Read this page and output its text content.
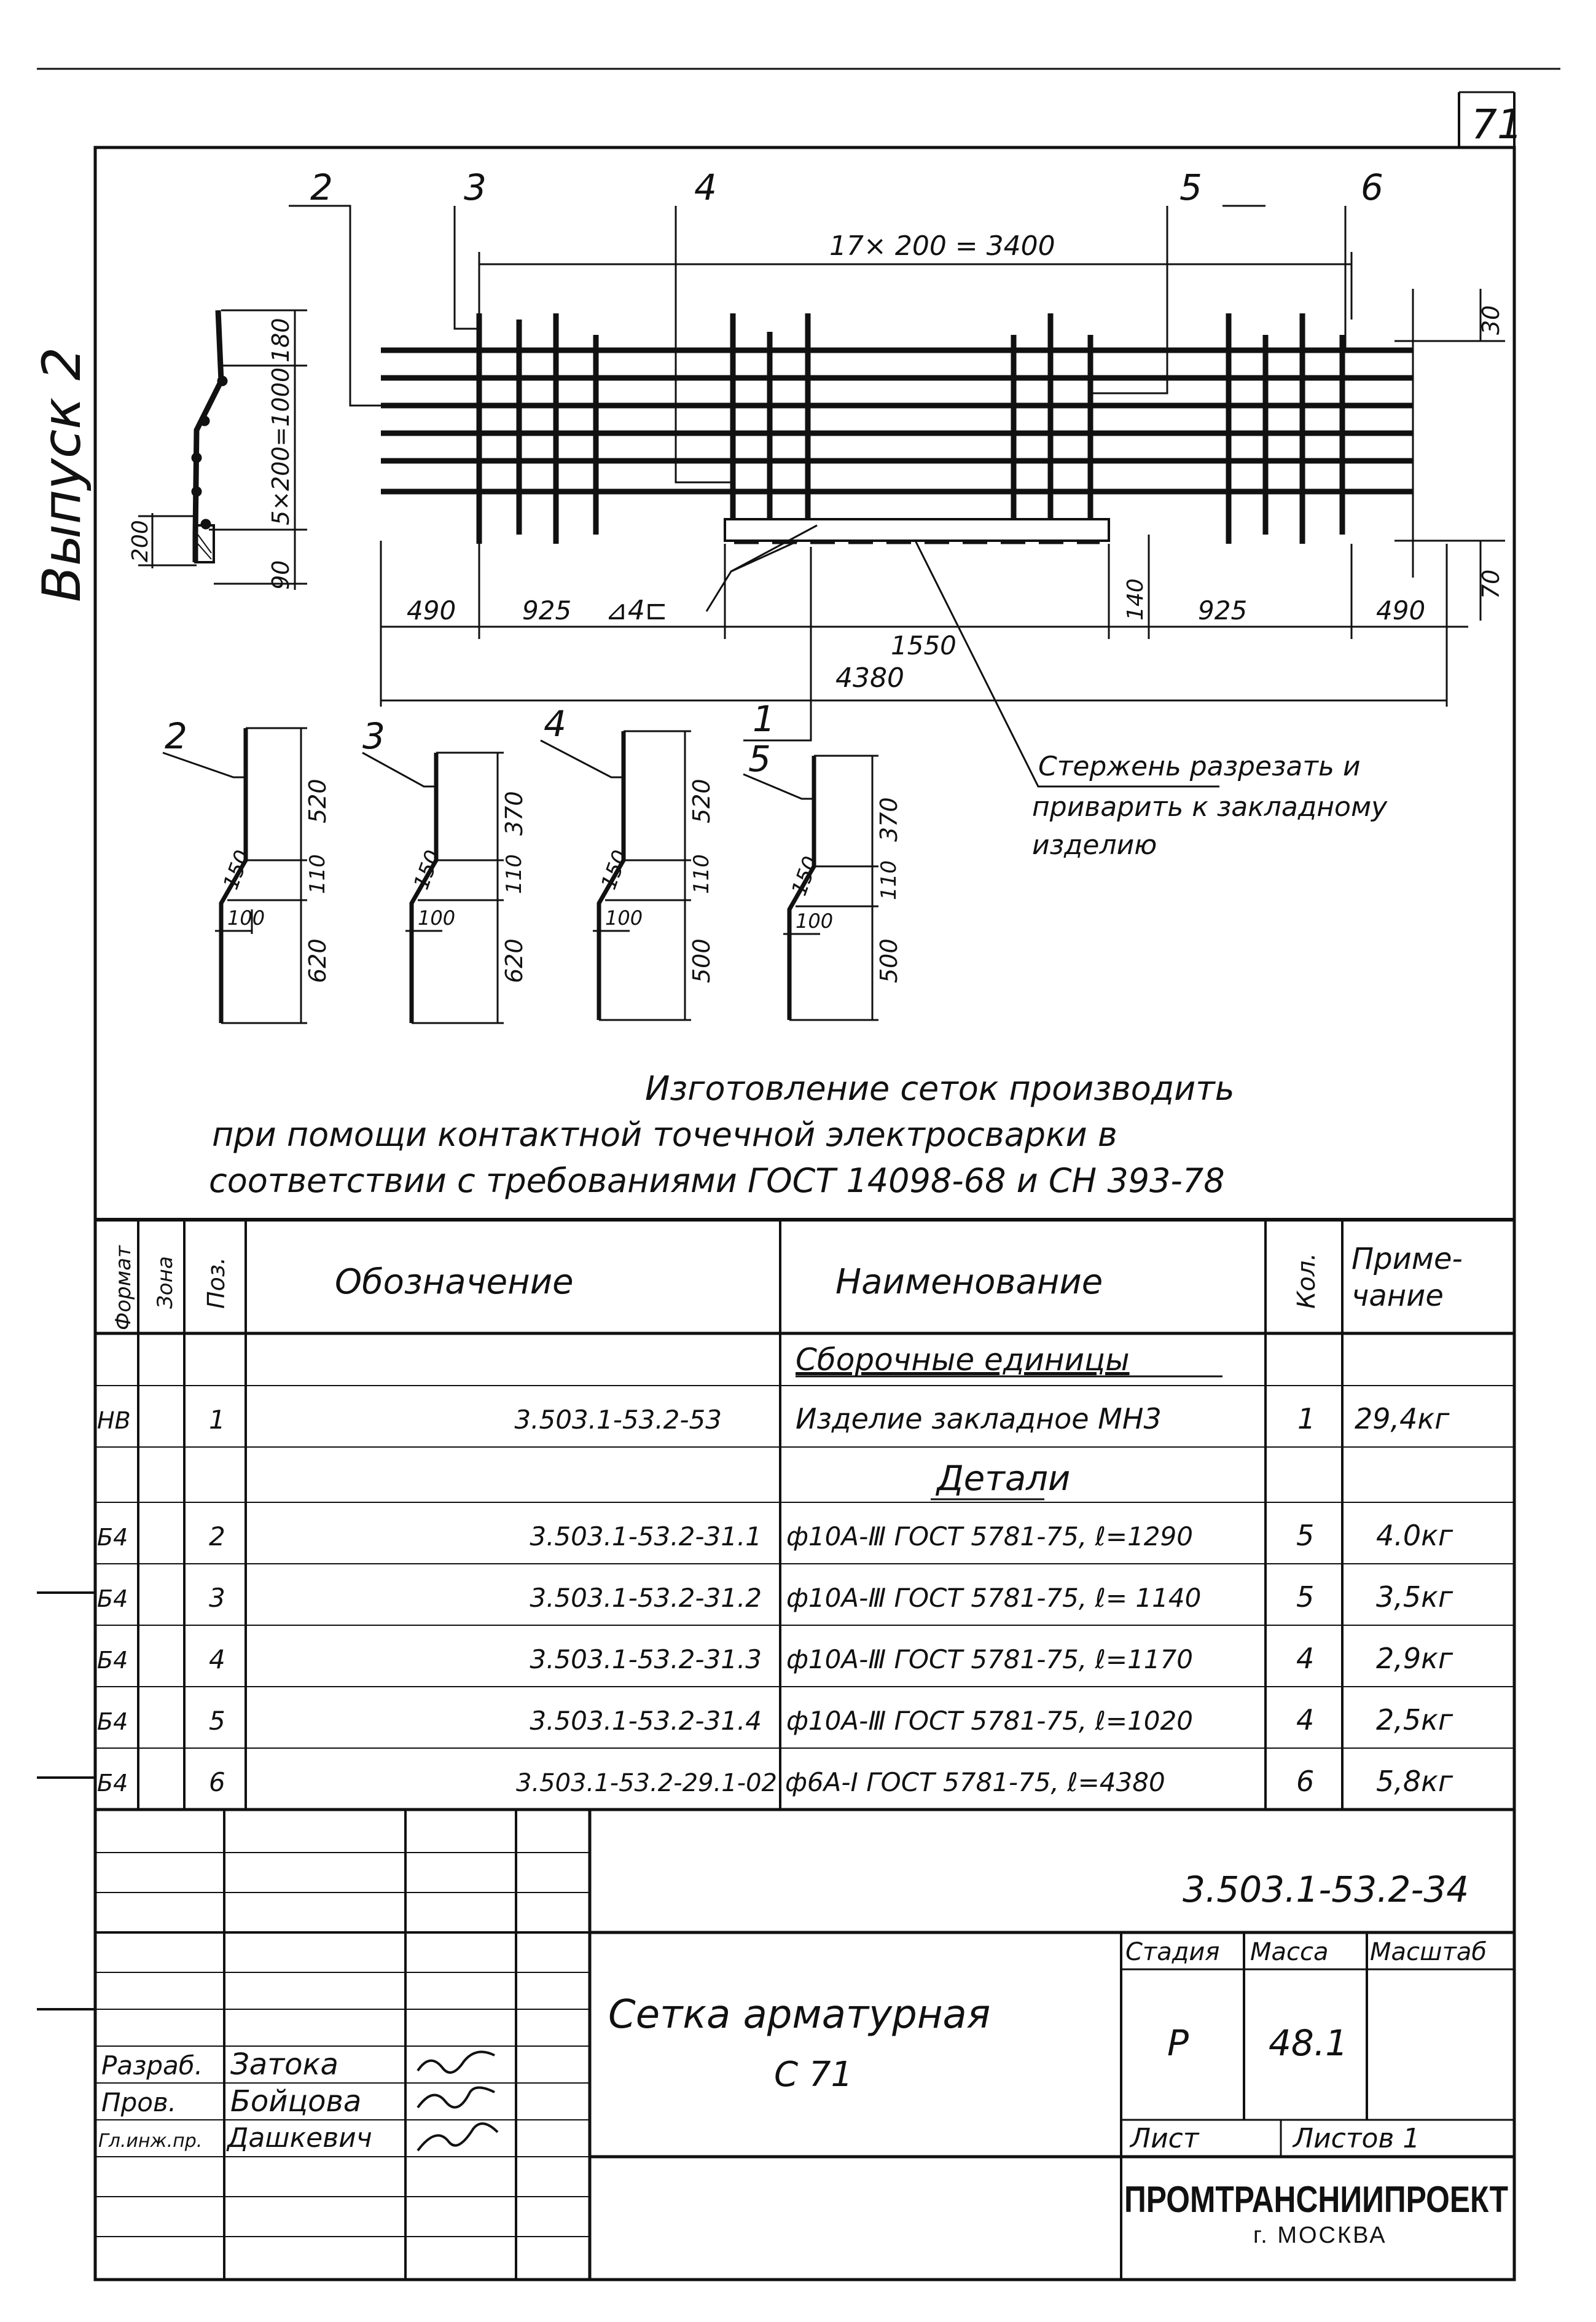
71
Выпуск 2
180
5×200=1000
200
90
2	3	4	5	6
17× 200 = 3400
30
70
⊿4⊏
490	925
1550
140 925	490
4380
1
Стержень разрезать и
приварить к закладному
изделию
2
150
100
520
110
620
3
150
100
370
110
620
4
150
100
520
110
500
5
150
100
370
110
500
Изготовление сеток производить
при помощи контактной точечной электросварки в
соответствии с требованиями ГОСТ 14098-68 и СН 393-78
Формат Зона Поз.	Обозначение	Наименование	Кол. Приме-
чание
Сборочные единицы
НВ	1	3.503.1-53.2-53	Изделие закладное МН3	1 29,4кг
Детали
Б4	2	3.503.1-53.2-31.1 ф10А-Ⅲ ГОСТ 5781-75, ℓ=1290	5 4.0кг
Б4	3	3.503.1-53.2-31.2 ф10А-Ⅲ ГОСТ 5781-75, ℓ= 1140	5 3,5кг
Б4	4	3.503.1-53.2-31.3 ф10А-Ⅲ ГОСТ 5781-75, ℓ=1170	4 2,9кг
Б4	5	3.503.1-53.2-31.4 ф10А-Ⅲ ГОСТ 5781-75, ℓ=1020	4 2,5кг
Б4	6	3.503.1-53.2-29.1-02 ф6А-Ⅰ ГОСТ 5781-75, ℓ=4380	6 5,8кг
3.503.1-53.2-34
Сетка арматурная
С 71
Стадия Масса Масштаб
Р 48.1
Лист	Листов 1
ПРОМТРАНСНИИПРОЕКТ
г. МОСКВА
Разраб. Затока
Пров. Бойцова
Гл.инж.пр. Дашкевич
